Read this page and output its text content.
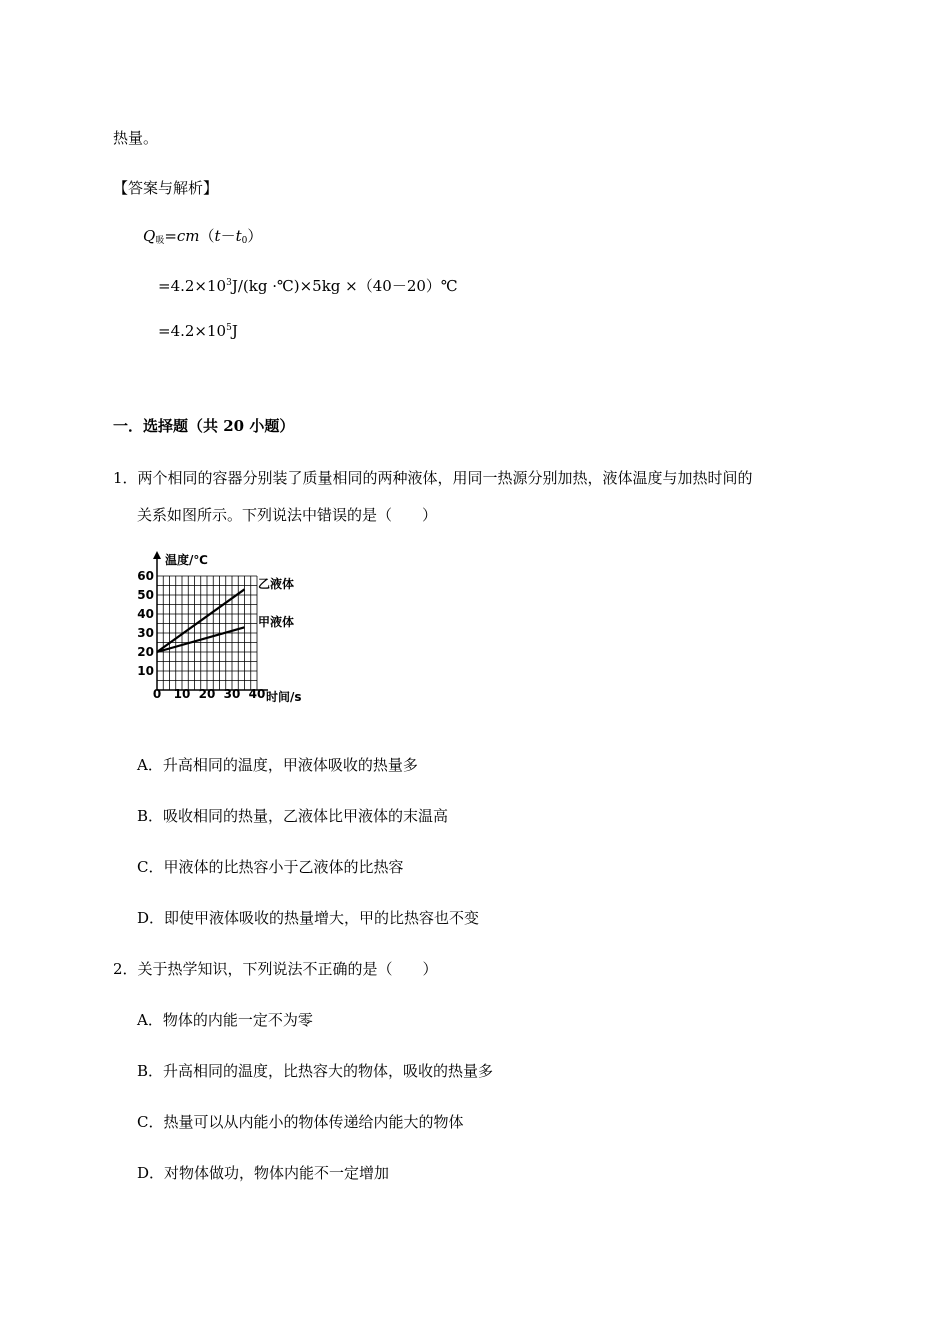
热量。
【答案与解析】
$Q_吸=cm(t-t_0)$
$=4.2\times 10^3J/(kg$ ·℃)×5kg ×（40－20）℃
$=4.2\times 10^5J$
一．选择题（共 20 小题）
1．两个相同的容器分别装了质量相同的两种液体，用同一热源分别加热，液体温度与加热时间的
关系如图所示。下列说法中错误的是（　　）
温度/℃
时间/s
0 10 20 30 40
10
20
30
40
50
60
乙液体
甲液体
A．升高相同的温度，甲液体吸收的热量多
B．吸收相同的热量，乙液体比甲液体的末温高
C．甲液体的比热容小于乙液体的比热容
D．即使甲液体吸收的热量增大，甲的比热容也不变
2．关于热学知识，下列说法不正确的是（　　）
A．物体的内能一定不为零
B．升高相同的温度，比热容大的物体，吸收的热量多
C．热量可以从内能小的物体传递给内能大的物体
D．对物体做功，物体内能不一定增加
